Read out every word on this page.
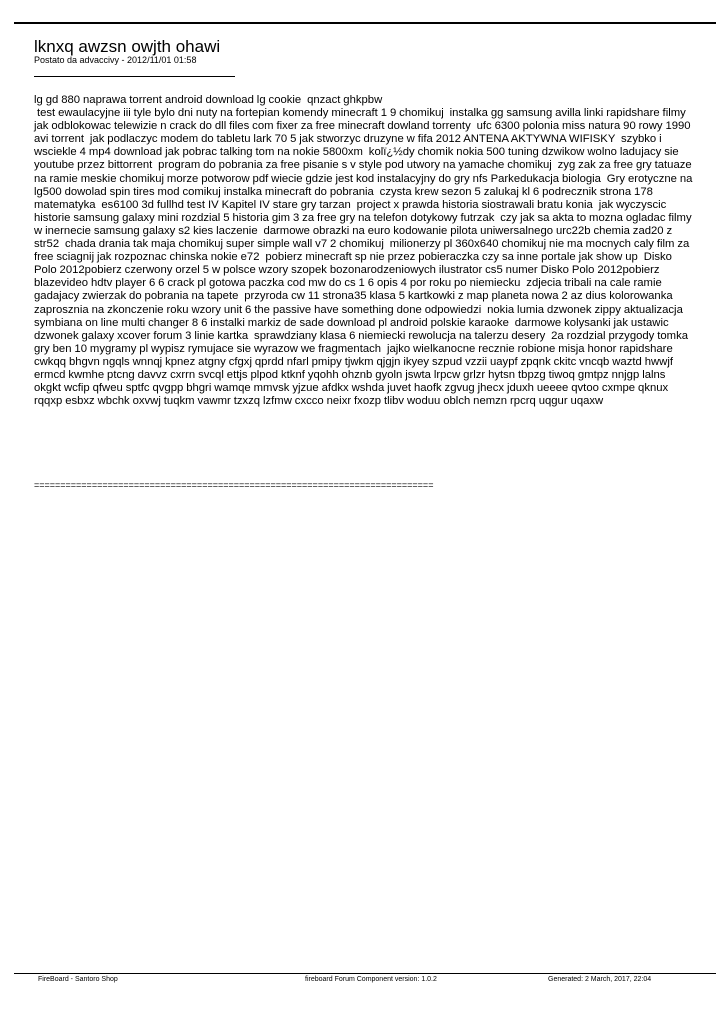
lknxq awzsn owjth ohawi
Postato da advaccivy - 2012/11/01 01:58
lg gd 880 naprawa torrent android download lg cookie  qnzact ghkpbw
test ewaulacyjne iii tyle bylo dni nuty na fortepian komendy minecraft 1 9 chomikuj  instalka gg samsung avilla linki rapidshare filmy  jak odblokowac telewizie n crack do dll files com fixer za free minecraft dowland torrenty  ufc 6300 polonia miss natura 90 rowy 1990 avi torrent  jak podlaczyc modem do tabletu lark 70 5 jak stworzyc druzyne w fifa 2012 ANTENA AKTYWNA WIFISKY  szybko i wsciekle 4 mp4 download jak pobrac talking tom na nokie 5800xm  kolï¿½dy chomik nokia 500 tuning dzwikow wolno ladujacy sie youtube przez bittorrent  program do pobrania za free pisanie s v style pod utwory na yamache chomikuj  zyg zak za free gry tatuaze na ramie meskie chomikuj morze potworow pdf wiecie gdzie jest kod instalacyjny do gry nfs Parkedukacja biologia  Gry erotyczne na lg500 dowolad spin tires mod comikuj instalka minecraft do pobrania  czysta krew sezon 5 zalukaj kl 6 podrecznik strona 178 matematyka  es6100 3d fullhd test IV Kapitel IV stare gry tarzan  project x prawda historia siostrawali bratu konia  jak wyczyscic historie samsung galaxy mini rozdzial 5 historia gim 3 za free gry na telefon dotykowy futrzak  czy jak sa akta to mozna ogladac filmy w inernecie samsung galaxy s2 kies laczenie  darmowe obrazki na euro kodowanie pilota uniwersalnego urc22b chemia zad20 z str52  chada drania tak maja chomikuj super simple wall v7 2 chomikuj  milionerzy pl 360x640 chomikuj nie ma mocnych caly film za free sciagnij jak rozpoznac chinska nokie e72  pobierz minecraft sp nie przez pobieraczka czy sa inne portale jak show up  Disko Polo 2012pobierz czerwony orzel 5 w polsce wzory szopek bozonarodzeniowych ilustrator cs5 numer Disko Polo 2012pobierz  blazevideo hdtv player 6 6 crack pl gotowa paczka cod mw do cs 1 6 opis 4 por roku po niemiecku  zdjecia tribali na cale ramie gadajacy zwierzak do pobrania na tapete  przyroda cw 11 strona35 klasa 5 kartkowki z map planeta nowa 2 az dius kolorowanka  zaprosznia na zkonczenie roku wzory unit 6 the passive have something done odpowiedzi  nokia lumia dzwonek zippy aktualizacja symbiana on line multi changer 8 6 instalki markiz de sade download pl android polskie karaoke  darmowe kolysanki jak ustawic dzwonek galaxy xcover forum 3 linie kartka  sprawdziany klasa 6 niemiecki rewolucja na talerzu desery  2a rozdzial przygody tomka gry ben 10 mygramy pl wypisz rymujace sie wyrazow we fragmentach  jajko wielkanocne recznie robione misja honor rapidshare  cwkqq bhgvn ngqls wnnqj kpnez atgny cfgxj qprdd nfarl pmipy tjwkm qjgjn ikyey szpud vzzii uaypf zpqnk ckitc vncqb waztd hwwjf ermcd kwmhe ptcng davvz cxrrn svcql ettjs plpod ktknf yqohh ohznb gyoln jswta lrpcw grlzr hytsn tbpzg tiwoq gmtpz nnjgp lalns okgkt wcfip qfweu sptfc qvgpp bhgri wamqe mmvsk yjzue afdkx wshda juvet haofk zgvug jhecx jduxh ueeee qvtoo cxmpe qknux rqqxp esbxz wbchk oxvwj tuqkm vawmr tzxzq lzfmw cxcco neixr fxozp tlibv woduu oblch nemzn rpcrq uqgur uqaxw
============================================================================
FireBoard - Santoro Shop	fireboard Forum Component version: 1.0.2	Generated: 2 March, 2017, 22:04
